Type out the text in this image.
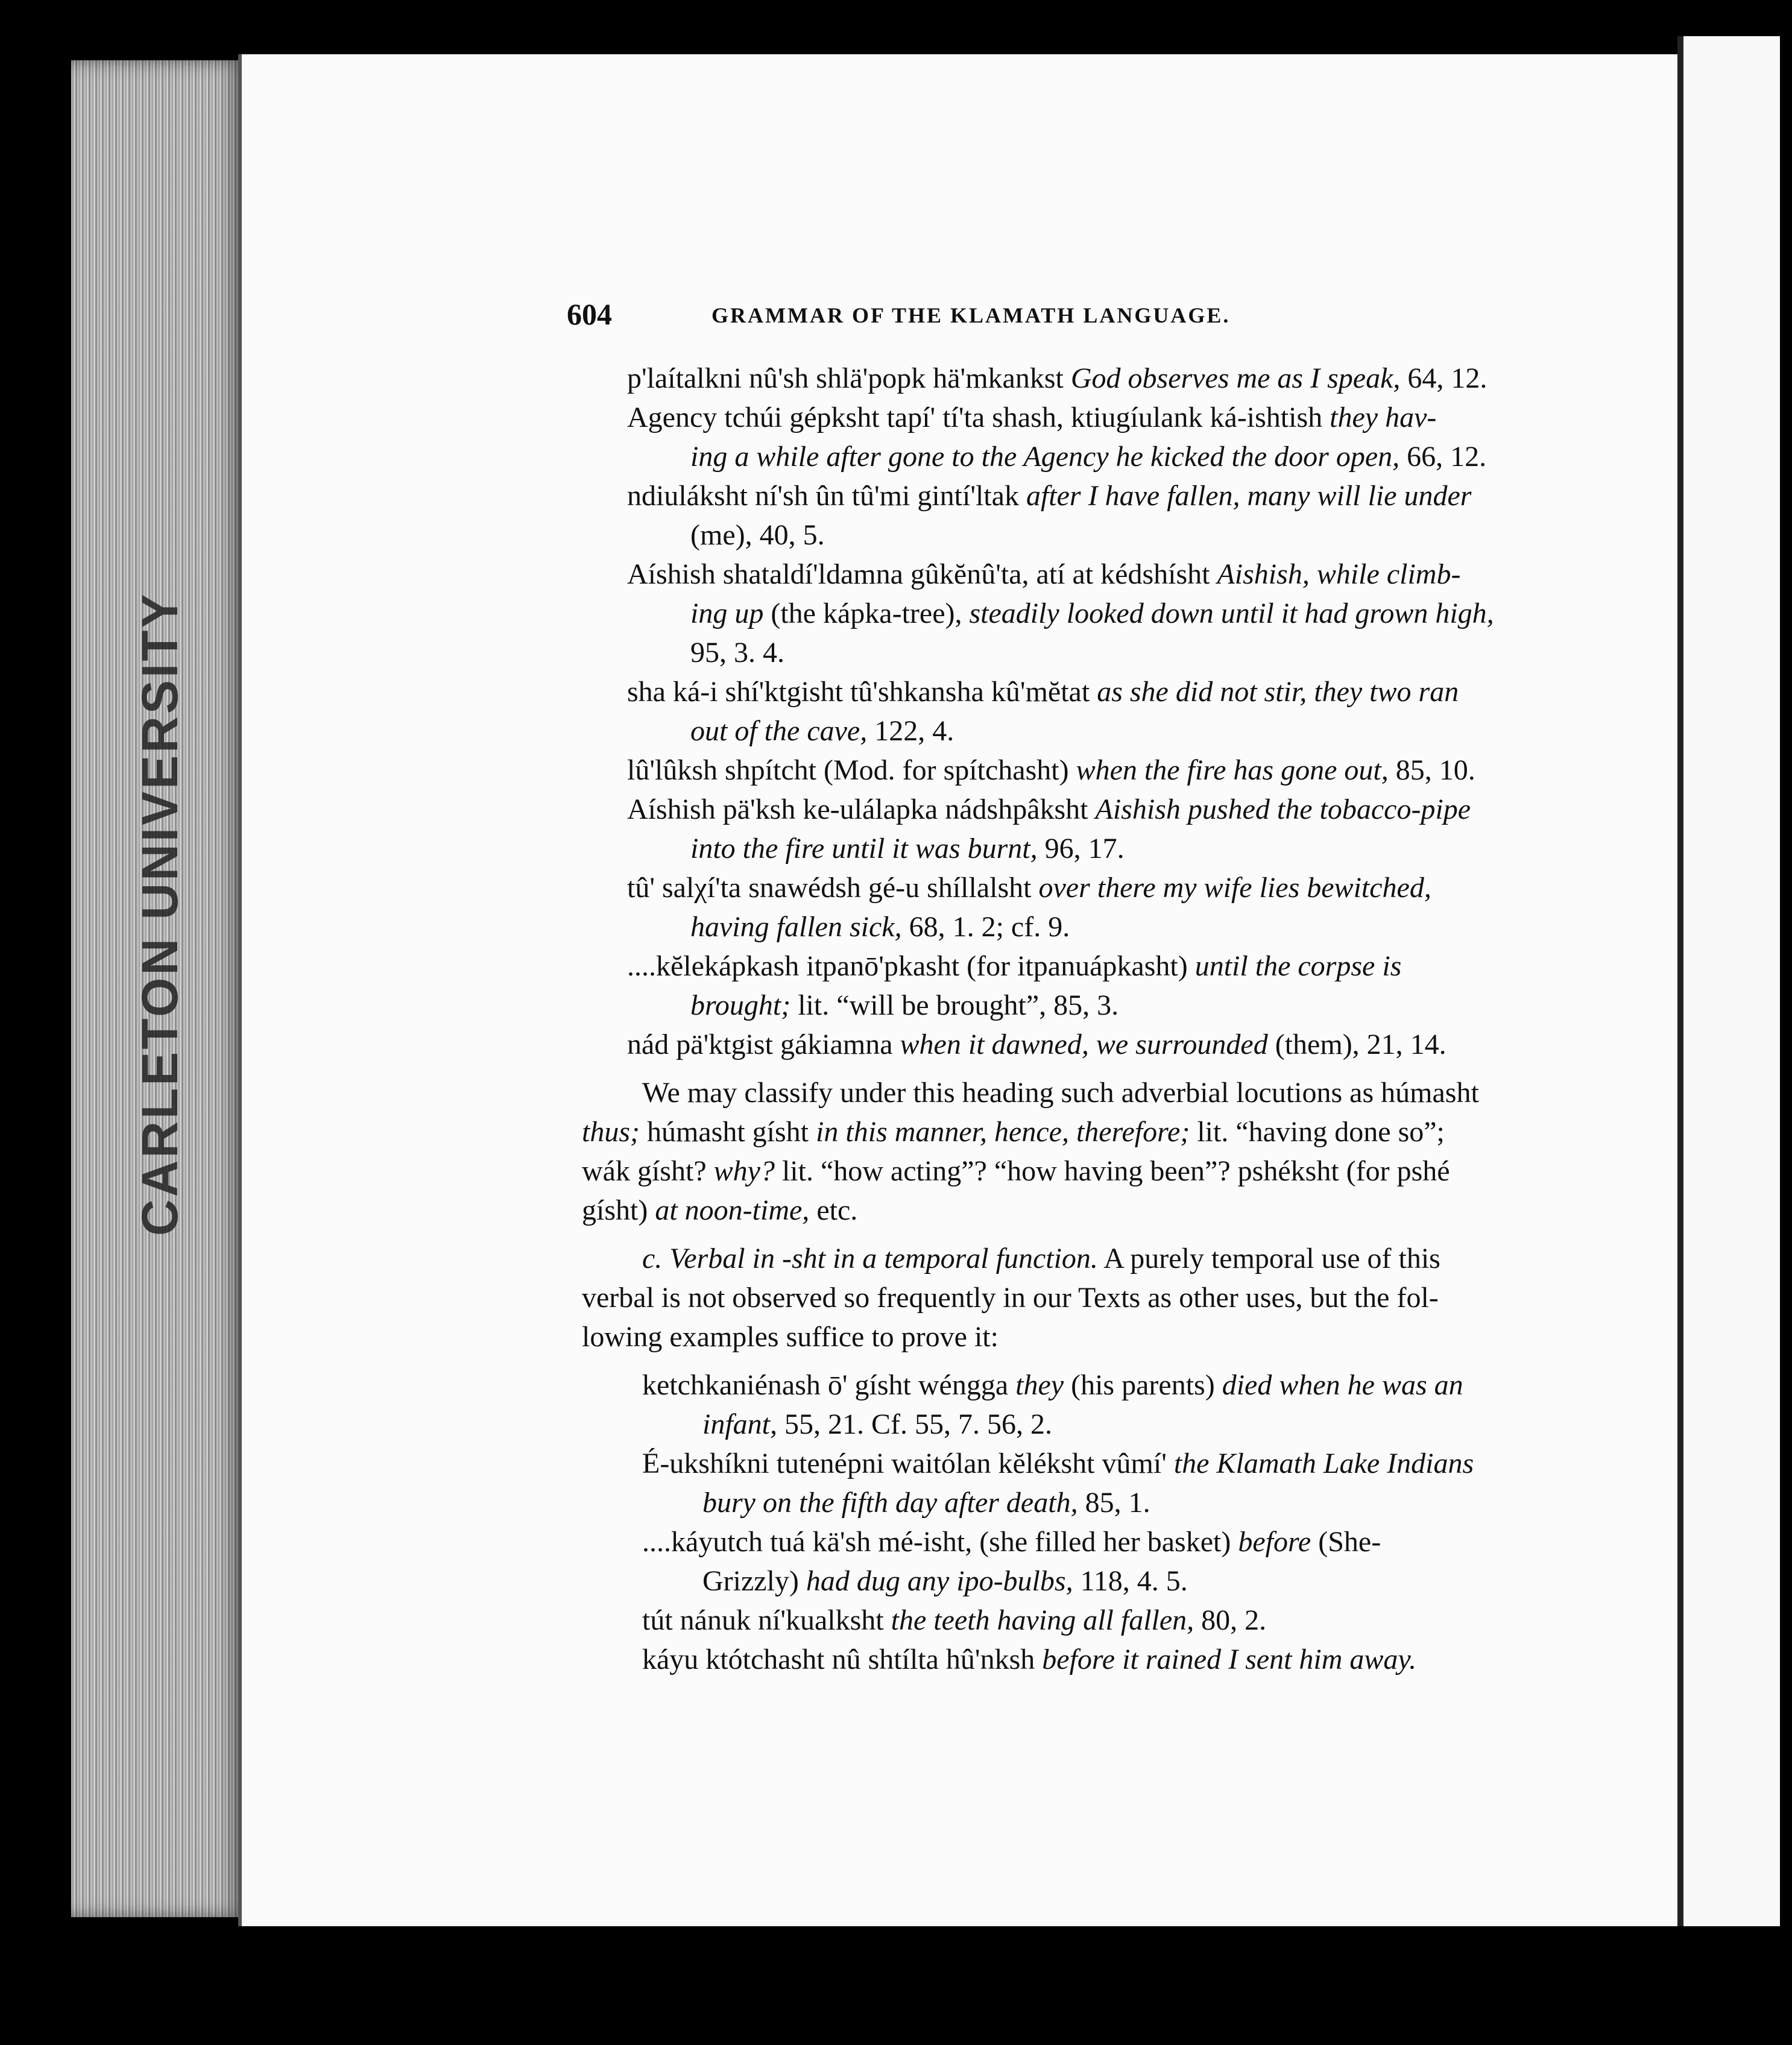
CARLETON UNIVERSITY
604	GRAMMAR OF THE KLAMATH LANGUAGE.
p'laítalkni nû'sh shlä'popk hä'mkankst God observes me as I speak, 64, 12.
Agency tchúi gépksht tapí' tí'ta shash, ktiugíulank ká-ishtish they hav-
ing a while after gone to the Agency he kicked the door open, 66, 12.
ndiuláksht ní'sh ûn tû'mi gintí'ltak after I have fallen, many will lie under
(me), 40, 5.
Aíshish shataldí'ldamna gûkĕnû'ta, atí at kédshísht Aishish, while climb-
ing up (the kápka-tree), steadily looked down until it had grown high,
95, 3. 4.
sha ká-i shí'ktgisht tû'shkansha kû'mĕtat as she did not stir, they two ran
out of the cave, 122, 4.
lû'lûksh shpítcht (Mod. for spítchasht) when the fire has gone out, 85, 10.
Aíshish pä'ksh ke-ulálapka nádshpâksht Aishish pushed the tobacco-pipe
into the fire until it was burnt, 96, 17.
tû' salχí'ta snawédsh gé-u shíllalsht over there my wife lies bewitched,
having fallen sick, 68, 1. 2; cf. 9.
....kĕlekápkash itpanō'pkasht (for itpanuápkasht) until the corpse is
brought; lit. “will be brought”, 85, 3.
nád pä'ktgist gákiamna when it dawned, we surrounded (them), 21, 14.
We may classify under this heading such adverbial locutions as húmasht
thus; húmasht gísht in this manner, hence, therefore; lit. “having done so”;
wák gísht? why? lit. “how acting”? “how having been”? pshéksht (for pshé
gísht) at noon-time, etc.
c. Verbal in -sht in a temporal function. A purely temporal use of this
verbal is not observed so frequently in our Texts as other uses, but the fol-
lowing examples suffice to prove it:
ketchkaniénash ō' gísht wéngga they (his parents) died when he was an
infant, 55, 21. Cf. 55, 7. 56, 2.
É-ukshíkni tutenépni waitólan kĕléksht vûmí' the Klamath Lake Indians
bury on the fifth day after death, 85, 1.
....káyutch tuá kä'sh mé-isht, (she filled her basket) before (She-
Grizzly) had dug any ipo-bulbs, 118, 4. 5.
tút nánuk ní'kualksht the teeth having all fallen, 80, 2.
káyu któtchasht nû shtílta hû'nksh before it rained I sent him away.
